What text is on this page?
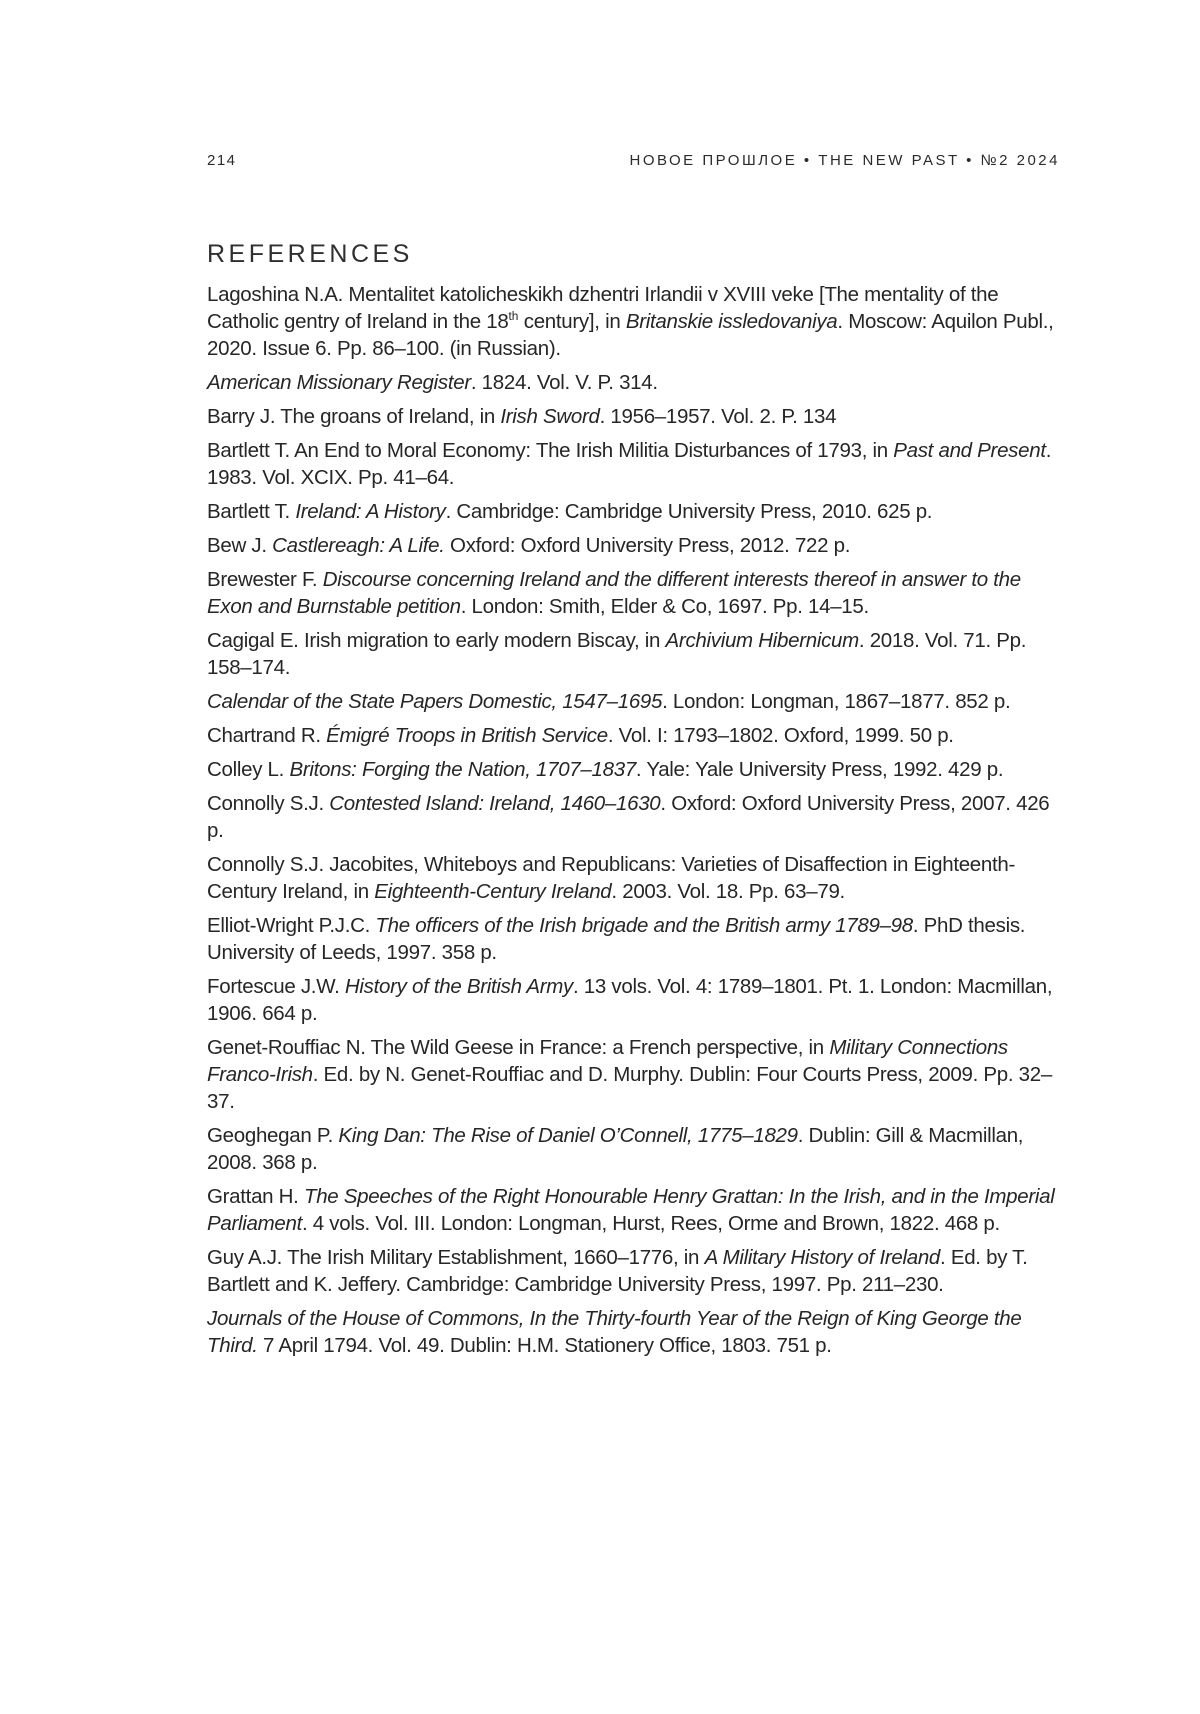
214	НОВОЕ ПРОШЛОЕ • THE NEW PAST • №2 2024
REFERENCES

Lagoshina N.A. Mentalitet katolicheskikh dzhentri Irlandii v XVIII veke [The mentality of the Catholic gentry of Ireland in the 18th century], in Britanskie issledovaniya. Moscow: Aquilon Publ., 2020. Issue 6. Pp. 86–100. (in Russian).

American Missionary Register. 1824. Vol. V. P. 314.

Barry J. The groans of Ireland, in Irish Sword. 1956–1957. Vol. 2. P. 134

Bartlett T. An End to Moral Economy: The Irish Militia Disturbances of 1793, in Past and Present. 1983. Vol. XCIX. Pp. 41–64.

Bartlett T. Ireland: A History. Cambridge: Cambridge University Press, 2010. 625 p.

Bew J. Castlereagh: A Life. Oxford: Oxford University Press, 2012. 722 p.

Brewester F. Discourse concerning Ireland and the different interests thereof in answer to the Exon and Burnstable petition. London: Smith, Elder & Co, 1697. Pp. 14–15.

Cagigal E. Irish migration to early modern Biscay, in Archivium Hibernicum. 2018. Vol. 71. Pp. 158–174.

Calendar of the State Papers Domestic, 1547–1695. London: Longman, 1867–1877. 852 p.

Chartrand R. Émigré Troops in British Service. Vol. I: 1793–1802. Oxford, 1999. 50 p.

Colley L. Britons: Forging the Nation, 1707–1837. Yale: Yale University Press, 1992. 429 p.

Connolly S.J. Contested Island: Ireland, 1460–1630. Oxford: Oxford University Press, 2007. 426 p.

Connolly S.J. Jacobites, Whiteboys and Republicans: Varieties of Disaffection in Eighteenth-Century Ireland, in Eighteenth-Century Ireland. 2003. Vol. 18. Pp. 63–79.

Elliot-Wright P.J.C. The officers of the Irish brigade and the British army 1789–98. PhD thesis. University of Leeds, 1997. 358 p.

Fortescue J.W. History of the British Army. 13 vols. Vol. 4: 1789–1801. Pt. 1. London: Macmillan, 1906. 664 p.

Genet-Rouffiac N. The Wild Geese in France: a French perspective, in Military Connections Franco-Irish. Ed. by N. Genet-Rouffiac and D. Murphy. Dublin: Four Courts Press, 2009. Pp. 32–37.

Geoghegan P. King Dan: The Rise of Daniel O’Connell, 1775–1829. Dublin: Gill & Macmillan, 2008. 368 p.

Grattan H. The Speeches of the Right Honourable Henry Grattan: In the Irish, and in the Imperial Parliament. 4 vols. Vol. III. London: Longman, Hurst, Rees, Orme and Brown, 1822. 468 p.

Guy A.J. The Irish Military Establishment, 1660–1776, in A Military History of Ireland. Ed. by T. Bartlett and K. Jeffery. Cambridge: Cambridge University Press, 1997. Pp. 211–230.

Journals of the House of Commons, In the Thirty-fourth Year of the Reign of King George the Third. 7 April 1794. Vol. 49. Dublin: H.M. Stationery Office, 1803. 751 p.
